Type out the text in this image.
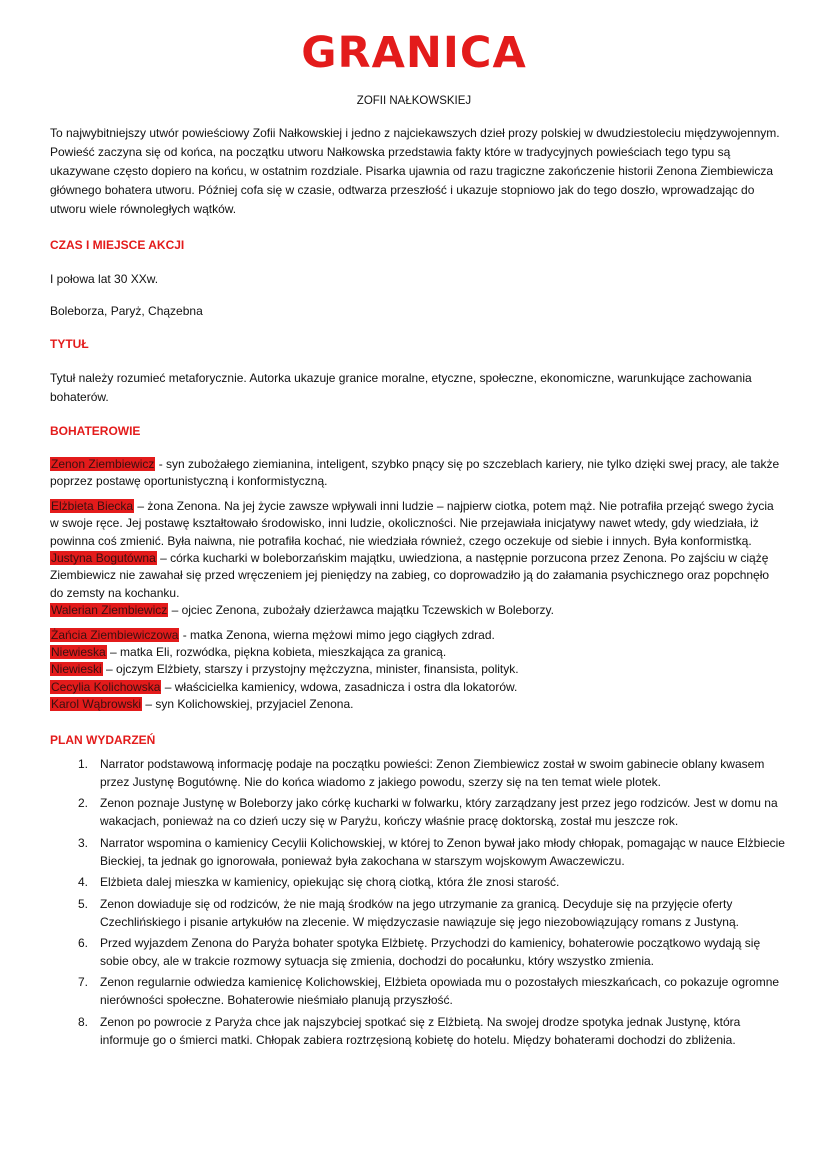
GRANICA

ZOFII NAŁKOWSKIEJ

To najwybitniejszy utwór powieściowy Zofii Nałkowskiej i jedno z najciekawszych dzieł prozy polskiej w dwudziestoleciu międzywojennym. Powieść zaczyna się od końca, na początku utworu Nałkowska przedstawia fakty które w tradycyjnych powieściach tego typu są ukazywane często dopiero na końcu, w ostatnim rozdziale. Pisarka ujawnia od razu tragiczne zakończenie historii Zenona Ziembiewicza głównego bohatera utworu. Później cofa się w czasie, odtwarza przeszłość i ukazuje stopniowo jak do tego doszło, wprowadzając do utworu wiele równoległych wątków.

CZAS I MIEJSCE AKCJI

I połowa lat 30 XXw.

Boleborza, Paryż, Chązebna

TYTUŁ

Tytuł należy rozumieć metaforycznie. Autorka ukazuje granice moralne, etyczne, społeczne, ekonomiczne, warunkujące zachowania bohaterów.

BOHATEROWIE

Zenon Ziembiewicz - syn zubożałego ziemianina, inteligent, szybko pnący się po szczeblach kariery, nie tylko dzięki swej pracy, ale także poprzez postawę oportunistyczną i konformistyczną.

Elżbieta Biecka – żona Zenona. Na jej życie zawsze wpływali inni ludzie – najpierw ciotka, potem mąż. Nie potrafiła przejąć swego życia w swoje ręce. Jej postawę kształtowało środowisko, inni ludzie, okoliczności. Nie przejawiała inicjatywy nawet wtedy, gdy wiedziała, iż powinna coś zmienić. Była naiwna, nie potrafiła kochać, nie wiedziała również, czego oczekuje od siebie i innych. Była konformistką.

Justyna Bogutówna – córka kucharki w boleborzańskim majątku, uwiedziona, a następnie porzucona przez Zenona. Po zajściu w ciążę Ziembiewicz nie zawahał się przed wręczeniem jej pieniędzy na zabieg, co doprowadziło ją do załamania psychicznego oraz popchnęło do zemsty na kochanku.

Walerian Ziembiewicz – ojciec Zenona, zubożały dzierżawca majątku Tczewskich w Boleborzy.

Żańcia Ziembiewiczowa - matka Zenona, wierna mężowi mimo jego ciągłych zdrad.

Niewieska – matka Eli, rozwódka, piękna kobieta, mieszkająca za granicą.

Niewieski – ojczym Elżbiety, starszy i przystojny mężczyzna, minister, finansista, polityk.

Cecylia Kolichowska – właścicielka kamienicy, wdowa, zasadnicza i ostra dla lokatorów.

Karol Wąbrowski – syn Kolichowskiej, przyjaciel Zenona.

PLAN WYDARZEŃ
1.	Narrator podstawową informację podaje na początku powieści: Zenon Ziembiewicz został w swoim gabinecie oblany kwasem przez Justynę Bogutównę. Nie do końca wiadomo z jakiego powodu, szerzy się na ten temat wiele plotek.
2.	Zenon poznaje Justynę w Boleborzy jako córkę kucharki w folwarku, który zarządzany jest przez jego rodziców. Jest w domu na wakacjach, ponieważ na co dzień uczy się w Paryżu, kończy właśnie pracę doktorską, został mu jeszcze rok.
3.	Narrator wspomina o kamienicy Cecylii Kolichowskiej, w której to Zenon bywał jako młody chłopak, pomagając w nauce Elżbiecie Bieckiej, ta jednak go ignorowała, ponieważ była zakochana w starszym wojskowym Awaczewiczu.
4.	Elżbieta dalej mieszka w kamienicy, opiekując się chorą ciotką, która źle znosi starość.
5.	Zenon dowiaduje się od rodziców, że nie mają środków na jego utrzymanie za granicą. Decyduje się na przyjęcie oferty Czechlińskiego i pisanie artykułów na zlecenie. W międzyczasie nawiązuje się jego niezobowiązujący romans z Justyną.
6.	Przed wyjazdem Zenona do Paryża bohater spotyka Elżbietę. Przychodzi do kamienicy, bohaterowie początkowo wydają się sobie obcy, ale w trakcie rozmowy sytuacja się zmienia, dochodzi do pocałunku, który wszystko zmienia.
7.	Zenon regularnie odwiedza kamienicę Kolichowskiej, Elżbieta opowiada mu o pozostałych mieszkańcach, co pokazuje ogromne nierówności społeczne. Bohaterowie nieśmiało planują przyszłość.
8.	Zenon po powrocie z Paryża chce jak najszybciej spotkać się z Elżbietą. Na swojej drodze spotyka jednak Justynę, która informuje go o śmierci matki. Chłopak zabiera roztrzęsioną kobietę do hotelu. Między bohaterami dochodzi do zbliżenia.
